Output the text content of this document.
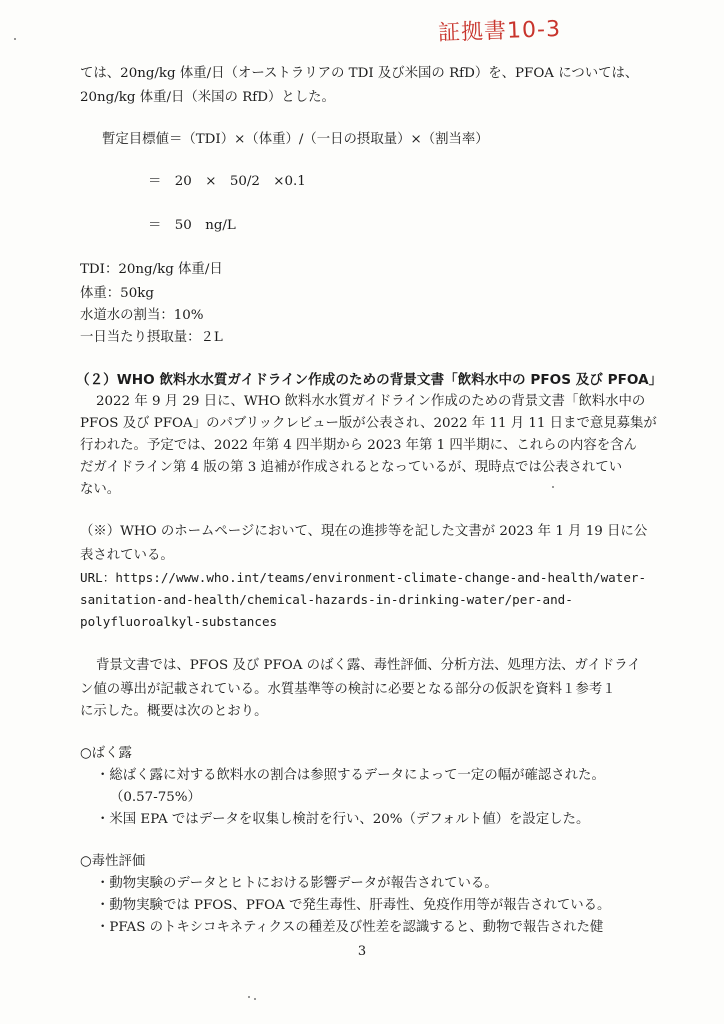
証拠書10-3
ては、20ng/kg 体重/日（オーストラリアの TDI 及び米国の RfD）を、PFOA については、
20ng/kg 体重/日（米国の RfD）とした。
暫定目標値＝（TDI）×（体重）/（一日の摂取量）×（割当率）
＝　20　×　50/2　×0.1
＝　50　ng/L
TDI：20ng/kg 体重/日
体重：50kg
水道水の割当：10%
一日当たり摂取量：２L
（２）WHO 飲料水水質ガイドライン作成のための背景文書「飲料水中の PFOS 及び PFOA」
2022 年 9 月 29 日に、WHO 飲料水水質ガイドライン作成のための背景文書「飲料水中の
PFOS 及び PFOA」のパブリックレビュー版が公表され、2022 年 11 月 11 日まで意見募集が
行われた。予定では、2022 年第 4 四半期から 2023 年第 1 四半期に、これらの内容を含ん
だガイドライン第 4 版の第 3 追補が作成されるとなっているが、現時点では公表されてい
ない。
（※）WHO のホームページにおいて、現在の進捗等を記した文書が 2023 年 1 月 19 日に公
表されている。
URL：https://www.who.int/teams/environment-climate-change-and-health/water-
sanitation-and-health/chemical-hazards-in-drinking-water/per-and-
polyfluoroalkyl-substances
背景文書では、PFOS 及び PFOA のばく露、毒性評価、分析方法、処理方法、ガイドライ
ン値の導出が記載されている。水質基準等の検討に必要となる部分の仮訳を資料１参考１
に示した。概要は次のとおり。
○ばく露
・総ばく露に対する飲料水の割合は参照するデータによって一定の幅が確認された。
（0.57-75%）
・米国 EPA ではデータを収集し検討を行い、20%（デフォルト値）を設定した。
○毒性評価
・動物実験のデータとヒトにおける影響データが報告されている。
・動物実験では PFOS、PFOA で発生毒性、肝毒性、免疫作用等が報告されている。
・PFAS のトキシコキネティクスの種差及び性差を認識すると、動物で報告された健
3
